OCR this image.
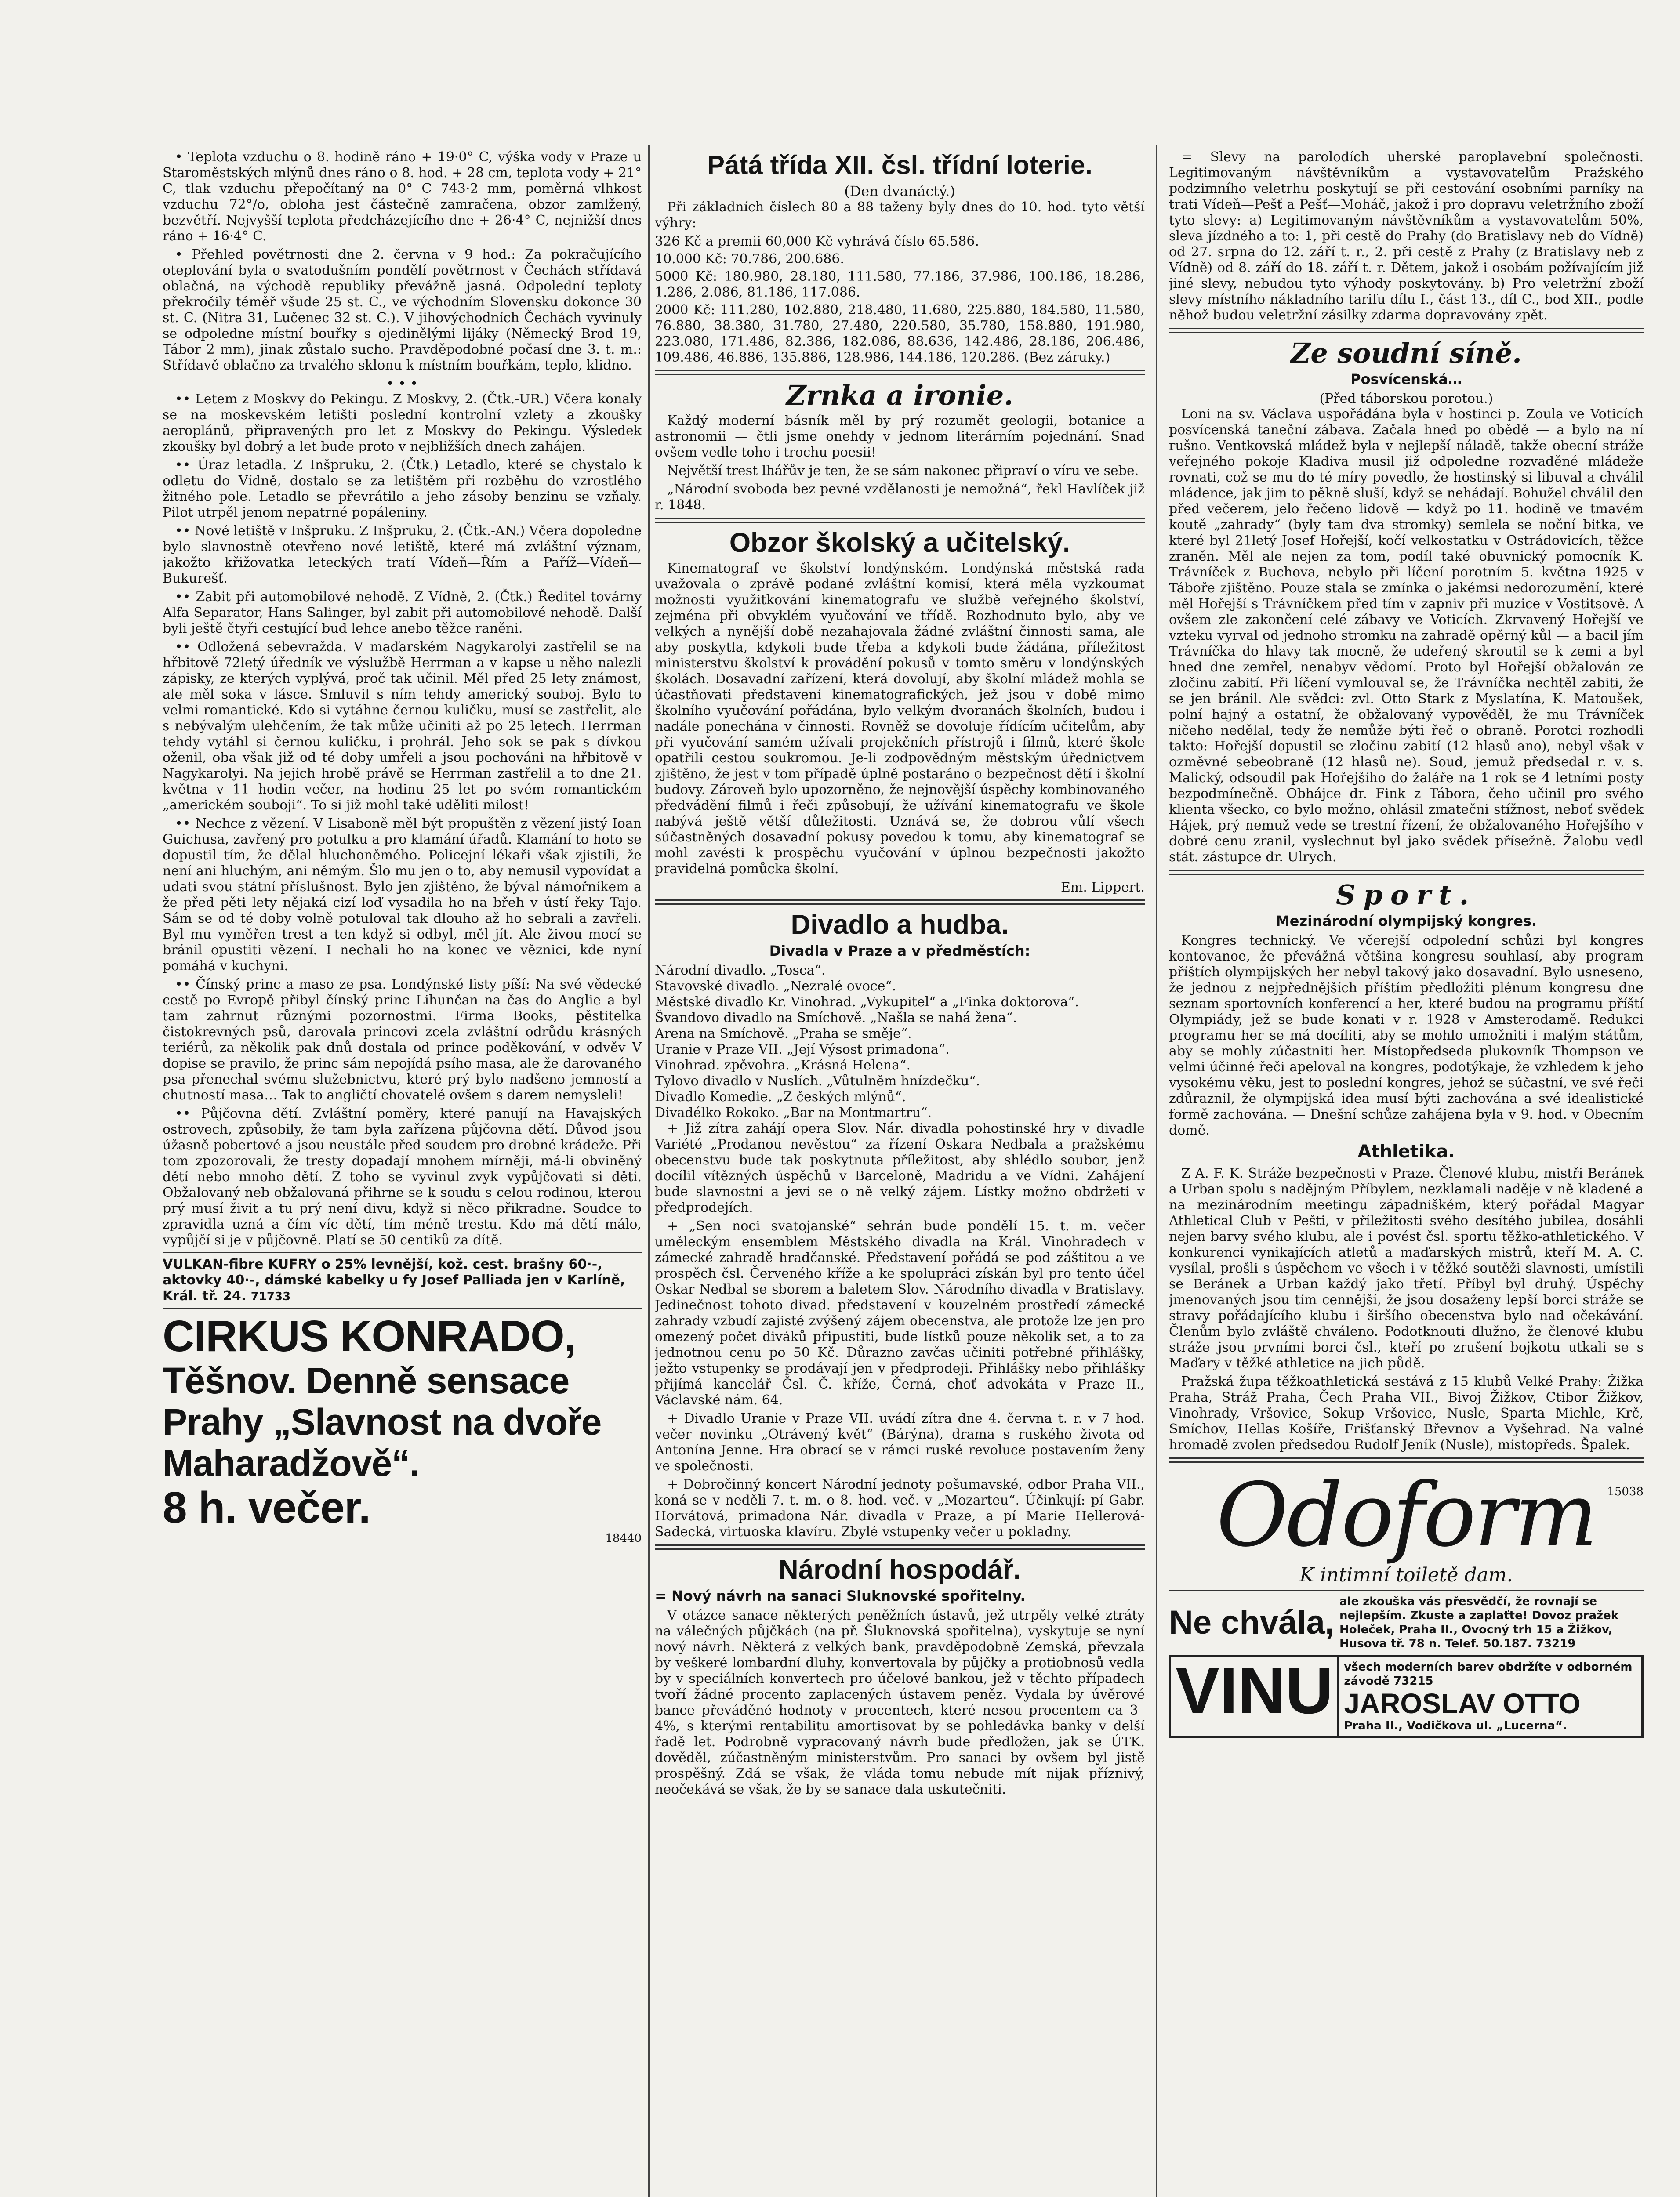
• Teplota vzduchu o 8. hodině ráno + 19·0° C, výška vody v Praze u Staroměstských mlýnů dnes ráno o 8. hod. + 28 cm, teplota vody + 21° C, tlak vzduchu přepočítaný na 0° C 743·2 mm, poměrná vlhkost vzduchu 72°/o, obloha jest částečně zamračena, obzor zamlžený, bezvětří. Nejvyšší teplota předcházejícího dne + 26·4° C, nejnižší dnes ráno + 16·4° C.

• Přehled povětrnosti dne 2. června v 9 hod.: Za pokračujícího oteplování byla o svatodušním pondělí povětrnost v Čechách střídavá oblačná, na východě republiky převážně jasná. Odpolední teploty překročily téměř všude 25 st. C., ve východním Slovensku dokonce 30 st. C. (Nitra 31, Lučenec 32 st. C.). V jihovýchodních Čechách vyvinuly se odpoledne místní bouřky s ojedinělými lijáky (Německý Brod 19, Tábor 2 mm), jinak zůstalo sucho. Pravděpodobné počasí dne 3. t. m.: Střídavě oblačno za trvalého sklonu k místním bouřkám, teplo, klidno.

• • •

•• Letem z Moskvy do Pekingu. Z Moskvy, 2. (Čtk.-UR.) Včera konaly se na moskevském letišti poslední kontrolní vzlety a zkoušky aeroplánů, připravených pro let z Moskvy do Pekingu. Výsledek zkoušky byl dobrý a let bude proto v nejbližších dnech zahájen.

•• Úraz letadla. Z Inšpruku, 2. (Čtk.) Letadlo, které se chystalo k odletu do Vídně, dostalo se za letištěm při rozběhu do vzrostlého žitného pole. Letadlo se převrátilo a jeho zásoby benzinu se vzňaly. Pilot utrpěl jenom nepatrné popáleniny.

•• Nové letiště v Inšpruku. Z Inšpruku, 2. (Čtk.-AN.) Včera dopoledne bylo slavnostně otevřeno nové letiště, které má zvláštní význam, jakožto křižovatka leteckých tratí Vídeň—Řím a Paříž—Vídeň—Bukurešť.

•• Zabit při automobilové nehodě. Z Vídně, 2. (Čtk.) Ředitel továrny Alfa Separator, Hans Salinger, byl zabit při automobilové nehodě. Další byli ještě čtyři cestující bud lehce anebo těžce raněni.

•• Odložená sebevražda. V maďarském Nagykarolyi zastřelil se na hřbitově 72letý úředník ve výslužbě Herrman a v kapse u něho nalezli zápisky, ze kterých vyplývá, proč tak učinil. Měl před 25 lety známost, ale měl soka v lásce. Smluvil s ním tehdy americký souboj. Bylo to velmi romantické. Kdo si vytáhne černou kuličku, musí se zastřelit, ale s nebývalým ulehčením, že tak může učiniti až po 25 letech. Herrman tehdy vytáhl si černou kuličku, i prohrál. Jeho sok se pak s dívkou oženil, oba však již od té doby umřeli a jsou pochováni na hřbitově v Nagykarolyi. Na jejich hrobě právě se Herrman zastřelil a to dne 21. května v 11 hodin večer, na hodinu 25 let po svém romantickém „americkém souboji“. To si již mohl také uděliti milost!

•• Nechce z vězení. V Lisaboně měl být propuštěn z vězení jistý Ioan Guichusa, zavřený pro potulku a pro klamání úřadů. Klamání to hoto se dopustil tím, že dělal hluchoněmého. Policejní lékaři však zjistili, že není ani hluchým, ani němým. Šlo mu jen o to, aby nemusil vypovídat a udati svou státní příslušnost. Bylo jen zjištěno, že býval námořníkem a že před pěti lety nějaká cizí loď vysadila ho na břeh v ústí řeky Tajo. Sám se od té doby volně potuloval tak dlouho až ho sebrali a zavřeli. Byl mu vyměřen trest a ten když si odbyl, měl jít. Ale živou mocí se bránil opustiti vězení. I nechali ho na konec ve věznici, kde nyní pomáhá v kuchyni.

•• Čínský princ a maso ze psa. Londýnské listy píší: Na své vědecké cestě po Evropě přibyl čínský princ Lihunčan na čas do Anglie a byl tam zahrnut různými pozornostmi. Firma Books, pěstitelka čistokrevných psů, darovala princovi zcela zvláštní odrůdu krásných teriérů, za několik pak dnů dostala od prince poděkování, v odvěv V dopise se pravilo, že princ sám nepojídá psího masa, ale že darovaného psa přenechal svému služebnictvu, které prý bylo nadšeno jemností a chutností masa… Tak to angličtí chovatelé ovšem s darem nemysleli!

•• Půjčovna dětí. Zvláštní poměry, které panují na Havajských ostrovech, způsobily, že tam byla zařízena půjčovna dětí. Důvod jsou úžasně pobertové a jsou neustále před soudem pro drobné krádeže. Při tom zpozorovali, že tresty dopadají mnohem mírněji, má-li obviněný dětí nebo mnoho dětí. Z toho se vyvinul zvyk vypůjčovati si děti. Obžalovaný neb obžalovaná přihrne se k soudu s celou rodinou, kterou prý musí živit a tu prý není divu, když si něco přikradne. Soudce to zpravidla uzná a čím víc dětí, tím méně trestu. Kdo má dětí málo, vypůjčí si je v půjčovně. Platí se 50 centiků za dítě.

VULKAN-fibre KUFRY o 25% levnější, kož. cest. brašny 60·-, aktovky 40·-, dámské kabelky u fy Josef Palliada jen v Karlíně, Král. tř. 24. 71733
CIRKUS KONRADO,
Těšnov. Denně sensace Prahy „Slavnost na dvoře Maharadžově“.
8 h. večer.
18440
Pátá třída XII. čsl. třídní loterie.
(Den dvanáctý.)

Při základních číslech 80 a 88 taženy byly dnes do 10. hod. tyto větší výhry:

326 Kč a premii 60,000 Kč vyhrává číslo 65.586.

10.000 Kč: 70.786, 200.686.

5000 Kč: 180.980, 28.180, 111.580, 77.186, 37.986, 100.186, 18.286, 1.286, 2.086, 81.186, 117.086.

2000 Kč: 111.280, 102.880, 218.480, 11.680, 225.880, 184.580, 11.580, 76.880, 38.380, 31.780, 27.480, 220.580, 35.780, 158.880, 191.980, 223.080, 171.486, 82.386, 182.086, 88.636, 142.486, 28.186, 206.486, 109.486, 46.886, 135.886, 128.986, 144.186, 120.286. (Bez záruky.)

Zrnka a ironie.

Každý moderní básník měl by prý rozumět geologii, botanice a astronomii — čtli jsme onehdy v jednom literárním pojednání. Snad ovšem vedle toho i trochu poesii!

Největší trest lhářův je ten, že se sám nakonec připraví o víru ve sebe.

„Národní svoboda bez pevné vzdělanosti je nemožná“, řekl Havlíček již r. 1848.

Obzor školský a učitelský.

Kinematograf ve školství londýnském. Londýnská městská rada uvažovala o zprávě podané zvláštní komisí, která měla vyzkoumat možnosti využitkování kinematografu ve službě veřejného školství, zejména při obvyklém vyučování ve třídě. Rozhodnuto bylo, aby ve velkých a nynější době nezahajovala žádné zvláštní činnosti sama, ale aby poskytla, kdykoli bude třeba a kdykoli bude žádána, příležitost ministerstvu školství k provádění pokusů v tomto směru v londýnských školách. Dosavadní zařízení, která dovolují, aby školní mládež mohla se účastňovati představení kinematografických, jež jsou v době mimo školního vyučování pořádána, bylo velkým dvoranách školních, budou i nadále ponechána v činnosti. Rovněž se dovoluje řídícím učitelům, aby při vyučování samém užívali projekčních přístrojů i filmů, které škole opatřili cestou soukromou. Je-li zodpovědným městským úřednictvem zjištěno, že jest v tom případě úplně postaráno o bezpečnost dětí i školní budovy. Zároveň bylo upozorněno, že nejnovější úspěchy kombinovaného předvádění filmů i řeči způsobují, že užívání kinematografu ve škole nabývá ještě větší důležitosti. Uznává se, že dobrou vůlí všech súčastněných dosavadní pokusy povedou k tomu, aby kinematograf se mohl zavésti k prospěchu vyučování v úplnou bezpečnosti jakožto pravidelná pomůcka školní.

Em. Lippert.
Divadlo a hudba.
Divadla v Praze a v předměstích:

Národní divadlo. „Tosca“.

Stavovské divadlo. „Nezralé ovoce“.

Městské divadlo Kr. Vinohrad. „Vykupitel“ a „Finka doktorova“.

Švandovo divadlo na Smíchově. „Našla se nahá žena“.

Arena na Smíchově. „Praha se směje“.

Uranie v Praze VII. „Její Výsost primadona“.

Vinohrad. zpěvohra. „Krásná Helena“.

Tylovo divadlo v Nuslích. „Vůtulněm hnízdečku“.

Divadlo Komedie. „Z českých mlýnů“.

Divadélko Rokoko. „Bar na Montmartru“.

+ Již zítra zahájí opera Slov. Nár. divadla pohostinské hry v divadle Variété „Prodanou nevěstou“ za řízení Oskara Nedbala a pražskému obecenstvu bude tak poskytnuta příležitost, aby shlédlo soubor, jenž docílil vítězných úspěchů v Barceloně, Madridu a ve Vídni. Zahájení bude slavnostní a jeví se o ně velký zájem. Lístky možno obdržeti v předprodejích.

+ „Sen noci svatojanské“ sehrán bude pondělí 15. t. m. večer uměleckým ensemblem Městského divadla na Král. Vinohradech v zámecké zahradě hradčanské. Představení pořádá se pod záštitou a ve prospěch čsl. Červeného kříže a ke spolupráci získán byl pro tento účel Oskar Nedbal se sborem a baletem Slov. Národního divadla v Bratislavy. Jedinečnost tohoto divad. představení v kouzelném prostředí zámecké zahrady vzbudí zajisté zvýšený zájem obecenstva, ale protože lze jen pro omezený počet diváků připustiti, bude lístků pouze několik set, a to za jednotnou cenu po 50 Kč. Důrazno zavčas učiniti potřebné přihlášky, ježto vstupenky se prodávají jen v předprodeji. Přihlášky nebo přihlášky přijímá kancelář Čsl. Č. kříže, Černá, choť advokáta v Praze II., Václavské nám. 64.

+ Divadlo Uranie v Praze VII. uvádí zítra dne 4. června t. r. v 7 hod. večer novinku „Otrávený květ“ (Bárýna), drama s ruského života od Antonína Jenne. Hra obrací se v rámci ruské revoluce postavením ženy ve společnosti.

+ Dobročinný koncert Národní jednoty pošumavské, odbor Praha VII., koná se v neděli 7. t. m. o 8. hod. več. v „Mozarteu“. Účinkují: pí Gabr. Horvátová, primadona Nár. divadla v Praze, a pí Marie Hellerová-Sadecká, virtuoska klavíru. Zbylé vstupenky večer u pokladny.

Národní hospodář.
= Nový návrh na sanaci Sluknovské spořitelny.

V otázce sanace některých peněžních ústavů, jež utrpěly velké ztráty na válečných půjčkách (na př. Šluknovská spořitelna), vyskytuje se nyní nový návrh. Některá z velkých bank, pravděpodobně Zemská, převzala by veškeré lombardní dluhy, konvertovala by půjčky a protiobnosů vedla by v speciálních konvertech pro účelové bankou, jež v těchto případech tvoří žádné procento zaplacených ústavem peněz. Vydala by úvěrové bance převáděné hodnoty v procentech, které nesou procentem ca 3–4%, s kterými rentabilitu amortisovat by se pohledávka banky v delší řadě let. Podrobně vypracovaný návrh bude předložen, jak se ÚTK. dověděl, zúčastněným ministerstvům. Pro sanaci by ovšem byl jistě prospěšný. Zdá se však, že vláda tomu nebude mít nijak příznivý, neočekává se však, že by se sanace dala uskutečniti.

= Slevy na parolodích uherské paroplavební společnosti. Legitimovaným návštěvníkům a vystavovatelům Pražského podzimního veletrhu poskytují se při cestování osobními parníky na trati Vídeň—Pešť a Pešť—Moháč, jakož i pro dopravu veletržního zboží tyto slevy: a) Legitimovaným návštěvníkům a vystavovatelům 50%, sleva jízdného a to: 1, při cestě do Prahy (do Bratislavy neb do Vídně) od 27. srpna do 12. září t. r., 2. při cestě z Prahy (z Bratislavy neb z Vídně) od 8. září do 18. září t. r. Dětem, jakož i osobám požívajícím již jiné slevy, nebudou tyto výhody poskytovány. b) Pro veletržní zboží slevy místního nákladního tarifu dílu I., část 13., díl C., bod XII., podle něhož budou veletržní zásilky zdarma dopravovány zpět.

Ze soudní síně.
Posvícenská…
(Před táborskou porotou.)

Loni na sv. Václava uspořádána byla v hostinci p. Zoula ve Voticích posvícenská taneční zábava. Začala hned po obědě — a bylo na ní rušno. Ventkovská mládež byla v nejlepší náladě, takže obecní stráže veřejného pokoje Kladiva musil již odpoledne rozvaděné mládeže rovnati, což se mu do té míry povedlo, že hostinský si libuval a chválil mládence, jak jim to pěkně sluší, když se nehádají. Bohužel chválil den před večerem, jelo řečeno lidově — když po 11. hodině ve tmavém koutě „zahrady“ (byly tam dva stromky) semlela se noční bitka, ve které byl 21letý Josef Hořejší, kočí velkostatku v Ostrádovicích, těžce zraněn. Měl ale nejen za tom, podíl také obuvnický pomocník K. Trávníček z Buchova, nebylo při líčení porotním 5. května 1925 v Táboře zjištěno. Pouze stala se zmínka o jakémsi nedorozumění, které měl Hořejší s Trávníčkem před tím v zapniv při muzice v Vostitsově. A ovšem zle zakončení celé zábavy ve Voticích. Zkrvavený Hořejší ve vzteku vyrval od jednoho stromku na zahradě opěrný kůl — a bacil jím Trávníčka do hlavy tak mocně, že udeřený skroutil se k zemi a byl hned dne zemřel, nenabyv vědomí. Proto byl Hořejší obžalován ze zločinu zabití. Při líčení vymlouval se, že Trávníčka nechtěl zabiti, že se jen bránil. Ale svědci: zvl. Otto Stark z Myslatína, K. Matoušek, polní hajný a ostatní, že obžalovaný vypověděl, že mu Trávníček ničeho nedělal, tedy že nemůže býti řeč o obraně. Porotci rozhodli takto: Hořejší dopustil se zločinu zabití (12 hlasů ano), nebyl však v ozměvné sebeobraně (12 hlasů ne). Soud, jemuž předsedal r. v. s. Malický, odsoudil pak Hořejšího do žaláře na 1 rok se 4 letními posty bezpodmínečně. Obhájce dr. Fink z Tábora, čeho učinil pro svého klienta všecko, co bylo možno, ohlásil zmatečni stížnost, neboť svědek Hájek, prý nemuž vede se trestní řízení, že obžalovaného Hořejšího v dobré cenu zranil, vyslechnut byl jako svědek přísežně. Žalobu vedl stát. zástupce dr. Ulrych.

Sport.
Mezinárodní olympijský kongres.

Kongres technický. Ve včerejší odpolední schůzi byl kongres kontovanoe, že převážná většina kongresu souhlasí, aby program příštích olympijských her nebyl takový jako dosavadní. Bylo usneseno, že jednou z nejpřednějších příštím předložiti plénum kongresu dne seznam sportovních konferencí a her, které budou na programu příští Olympiády, jež se bude konati v r. 1928 v Amsterodamě. Redukci programu her se má docíliti, aby se mohlo umožniti i malým státům, aby se mohly zúčastniti her. Místopředseda plukovník Thompson ve velmi účinné řeči apeloval na kongres, podotýkaje, že vzhledem k jeho vysokému věku, jest to poslední kongres, jehož se súčastní, ve své řeči zdůraznil, že olympijská idea musí býti zachována a své idealistické formě zachována. — Dnešní schůze zahájena byla v 9. hod. v Obecním domě.

Athletika.

Z A. F. K. Stráže bezpečnosti v Praze. Členové klubu, mistři Beránek a Urban spolu s nadějným Příbylem, nezklamali naděje v ně kladené a na mezinárodním meetingu západniškém, který pořádal Magyar Athletical Club v Pešti, v příležitosti svého desítého jubilea, dosáhli nejen barvy svého klubu, ale i povést čsl. sportu těžko-athletického. V konkurenci vynikajících atletů a maďarských mistrů, kteří M. A. C. vysílal, prošli s úspěchem ve všech i v těžké soutěži slavnosti, umístili se Beránek a Urban každý jako třetí. Příbyl byl druhý. Úspěchy jmenovaných jsou tím cennější, že jsou dosaženy lepší borci stráže se stravy pořádajícího klubu i širšího obecenstva bylo nad očekávání. Členům bylo zvláště chváleno. Podotknouti dlužno, že členové klubu stráže jsou prvními borci čsl., kteří po zrušení bojkotu utkali se s Maďary v těžké athletice na jich půdě.

Pražská župa těžkoathletická sestává z 15 klubů Velké Prahy: Žižka Praha, Stráž Praha, Čech Praha VII., Bivoj Žižkov, Ctibor Žižkov, Vinohrady, Vršovice, Sokup Vršovice, Nusle, Sparta Michle, Krč, Smíchov, Hellas Košíře, Frišťanský Břevnov a Vyšehrad. Na valné hromadě zvolen předsedou Rudolf Jeník (Nusle), místopředs. Špalek.

Odoform
K intimní toiletě dam.
15038
Ne chvála,
ale zkouška vás přesvědčí, že rovnají se nejlepším. Zkuste a zaplaťte! Dovoz pražek Holeček, Praha II., Ovocný trh 15 a Žižkov, Husova tř. 78 n. Telef. 50.187. 73219
VINU všech moderních barev obdržíte v odborném závodě 73215
JAROSLAV OTTO
Praha II., Vodičkova ul. „Lucerna“.
